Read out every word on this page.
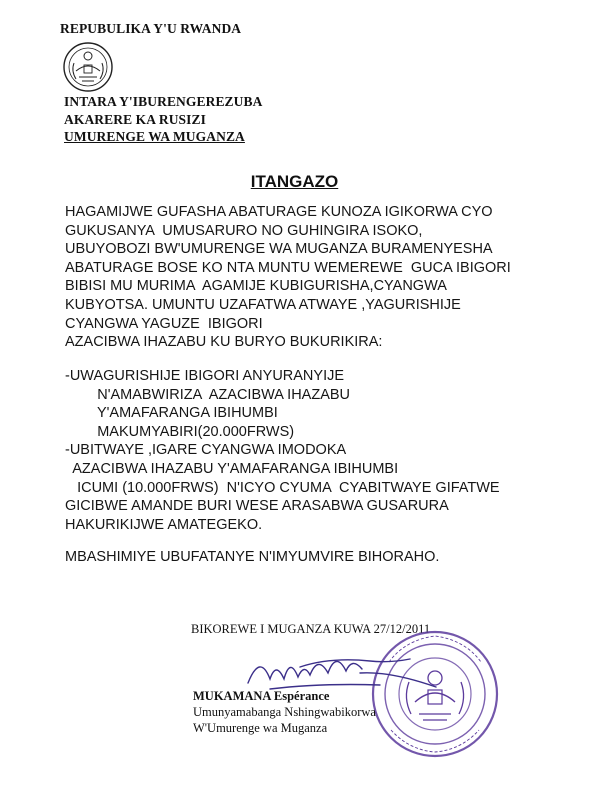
REPUBULIKA Y'U RWANDA
INTARA Y'IBURENGEREZUBA
AKARERE KA RUSIZI
UMURENGE WA MUGANZA
ITANGAZO
HAGAMIJWE GUFASHA ABATURAGE KUNOZA IGIKORWA CYO
GUKUSANYA  UMUSARURO NO GUHINGIRA ISOKO,
UBUYOBOZI BW'UMURENGE WA MUGANZA BURAMENYESHA
ABATURAGE BOSE KO NTA MUNTU WEMEREWE  GUCA IBIGORI
BIBISI MU MURIMA  AGAMIJE KUBIGURISHA,CYANGWA
KUBYOTSA. UMUNTU UZAFATWA ATWAYE ,YAGURISHIJE
CYANGWA YAGUZE  IBIGORI
AZACIBWA IHAZABU KU BURYO BUKURIKIRA:
-UWAGURISHIJE IBIGORI ANYURANYIJE
N'AMABWIRIZA  AZACIBWA IHAZABU
Y'AMAFARANGA IBIHUMBI
MAKUMYABIRI(20.000FRWS)
-UBITWAYE ,IGARE CYANGWA IMODOKA
AZACIBWA IHAZABU Y'AMAFARANGA IBIHUMBI
ICUMI (10.000FRWS)  N'ICYO CYUMA  CYABITWAYE GIFATWE
GICIBWE AMANDE BURI WESE ARASABWA GUSARURA
HAKURIKIJWE AMATEGEKO.
MBASHIMIYE UBUFATANYE N'IMYUMVIRE BIHORAHO.
BIKOREWE I MUGANZA KUWA 27/12/2011
MUKAMANA Espérance
Umunyamabanga Nshingwabikorwa
W'Umurenge wa Muganza
